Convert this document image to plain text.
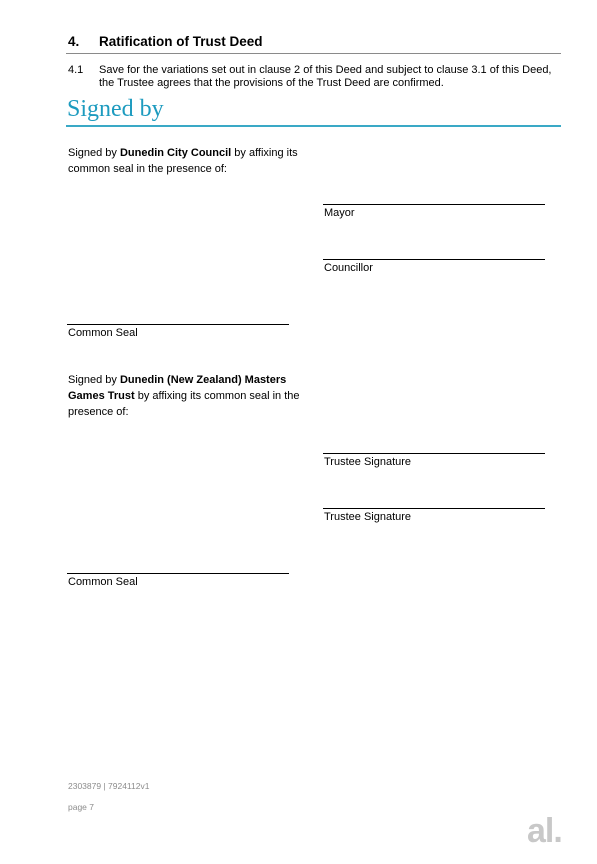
4. Ratification of Trust Deed
4.1 Save for the variations set out in clause 2 of this Deed and subject to clause 3.1 of this Deed, the Trustee agrees that the provisions of the Trust Deed are confirmed.
Signed by
Signed by Dunedin City Council by affixing its common seal in the presence of:
Mayor
Councillor
Common Seal
Signed by Dunedin (New Zealand) Masters Games Trust by affixing its common seal in the presence of:
Trustee Signature
Trustee Signature
Common Seal
2303879 | 7924112v1
page 7
al.
